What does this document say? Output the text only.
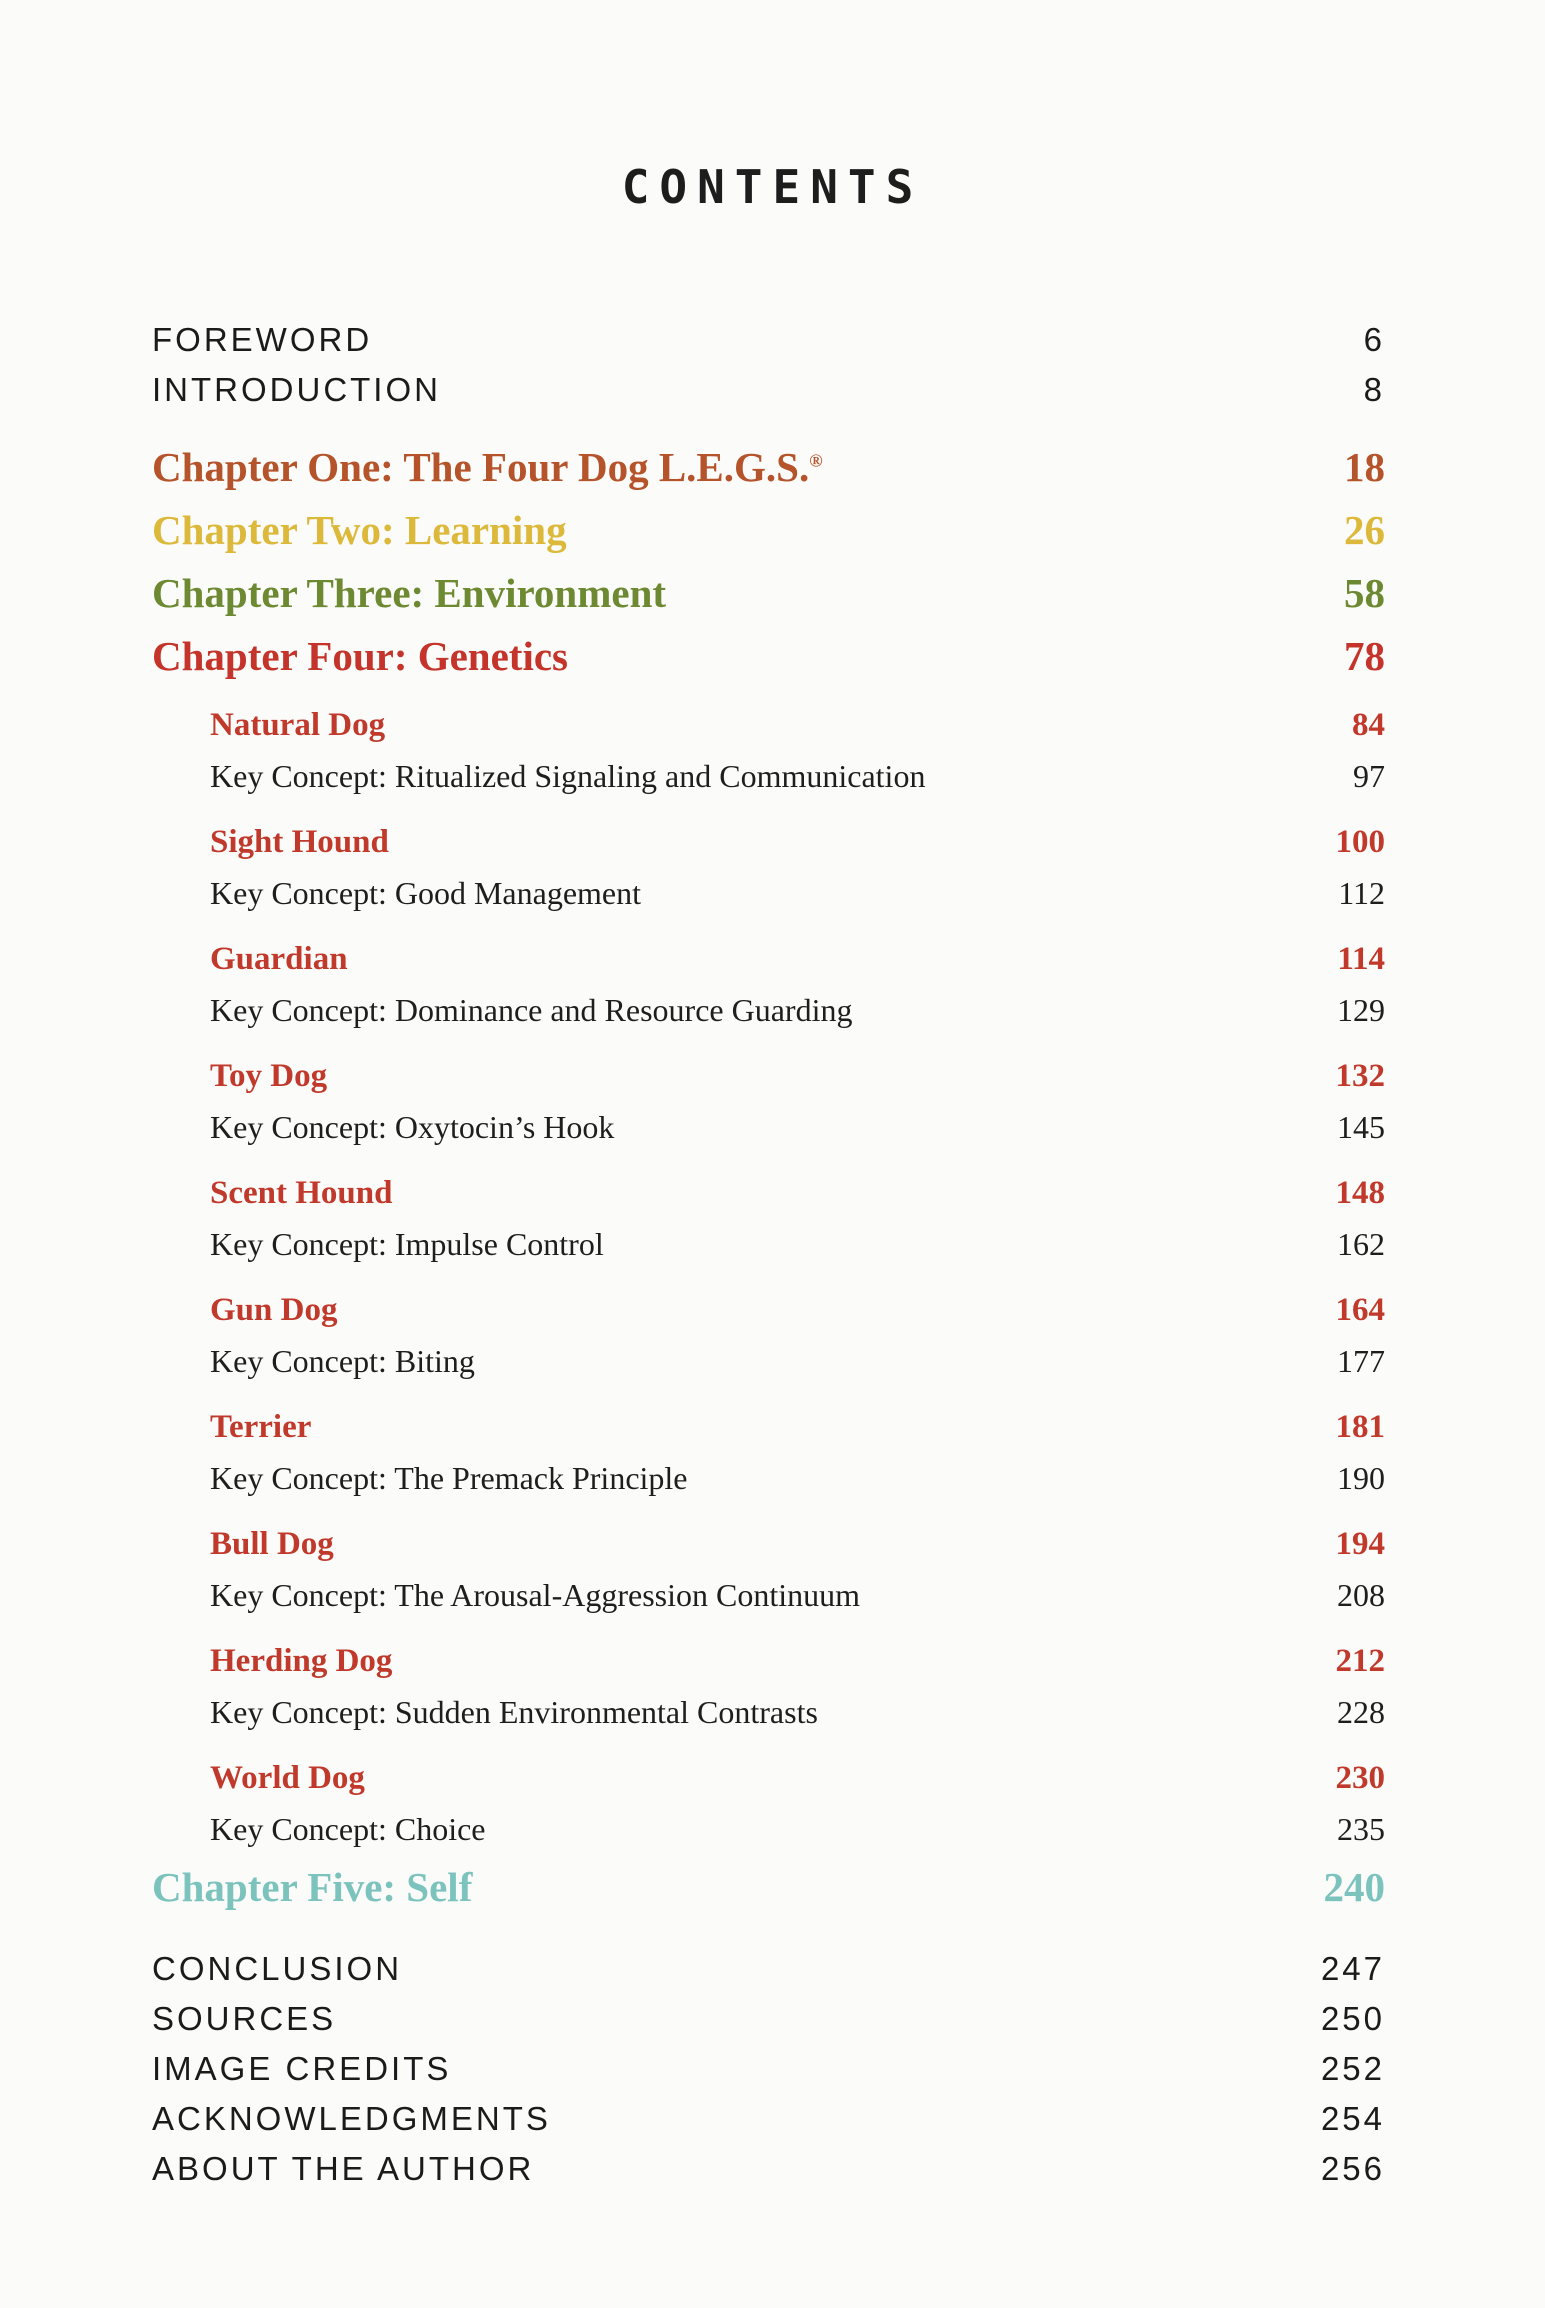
CONTENTS
FOREWORD	6
INTRODUCTION	8
Chapter One: The Four Dog L.E.G.S.®	18
Chapter Two: Learning	26
Chapter Three: Environment	58
Chapter Four: Genetics	78
Natural Dog	84
Key Concept: Ritualized Signaling and Communication	97
Sight Hound	100
Key Concept: Good Management	112
Guardian	114
Key Concept: Dominance and Resource Guarding	129
Toy Dog	132
Key Concept: Oxytocin’s Hook	145
Scent Hound	148
Key Concept: Impulse Control	162
Gun Dog	164
Key Concept: Biting	177
Terrier	181
Key Concept: The Premack Principle	190
Bull Dog	194
Key Concept: The Arousal-Aggression Continuum	208
Herding Dog	212
Key Concept: Sudden Environmental Contrasts	228
World Dog	230
Key Concept: Choice	235
Chapter Five: Self	240
CONCLUSION	247
SOURCES	250
IMAGE CREDITS	252
ACKNOWLEDGMENTS	254
ABOUT THE AUTHOR	256
